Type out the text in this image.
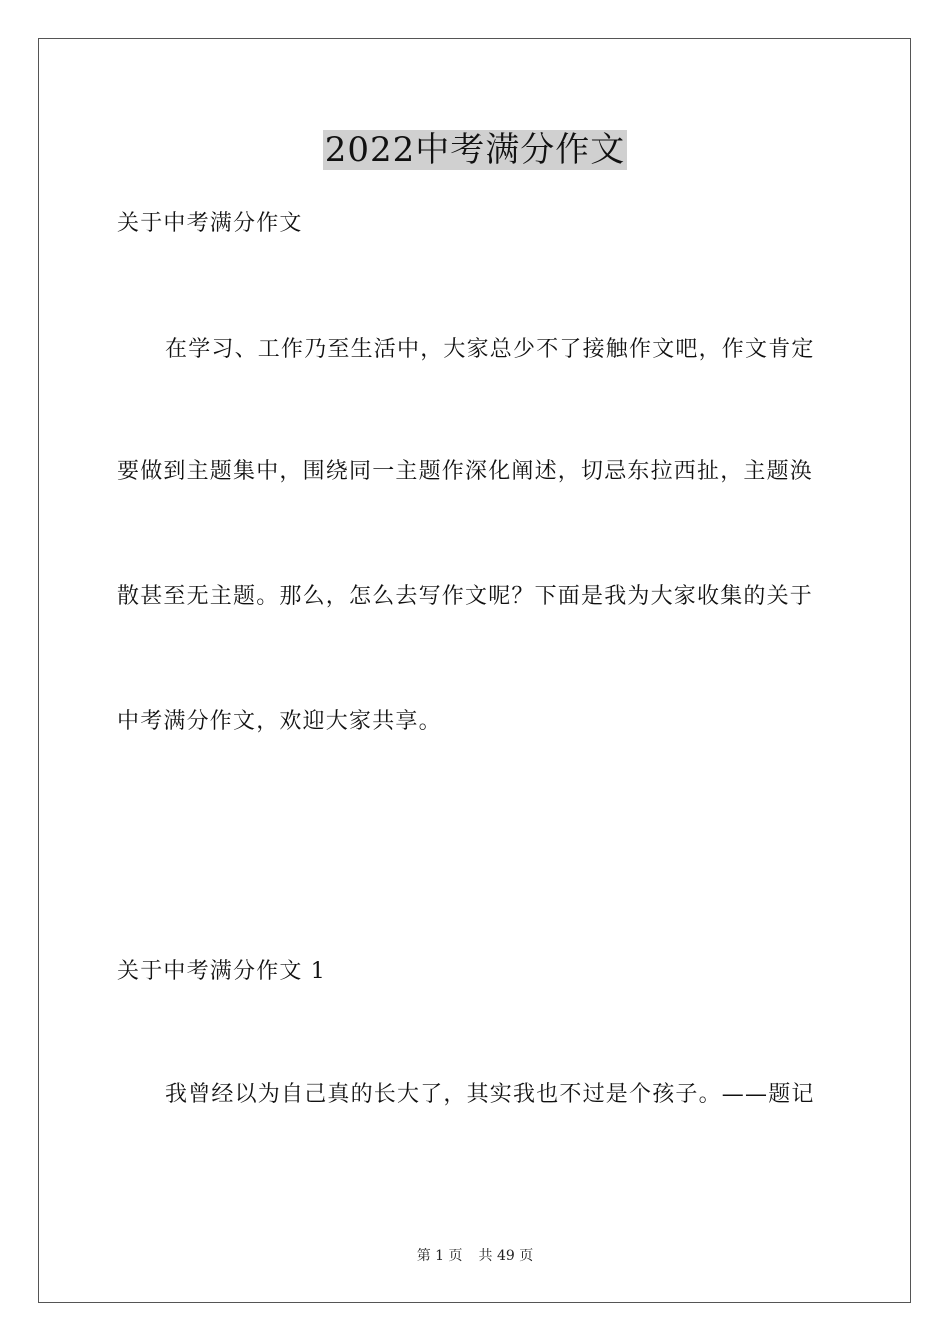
2022中考满分作文
关于中考满分作文
在学习、工作乃至生活中，大家总少不了接触作文吧，作文肯定
要做到主题集中，围绕同一主题作深化阐述，切忌东拉西扯，主题涣
散甚至无主题。那么，怎么去写作文呢？下面是我为大家收集的关于
中考满分作文，欢迎大家共享。
关于中考满分作文 1
我曾经以为自己真的长大了，其实我也不过是个孩子。——题记
第 1 页 共 49 页
